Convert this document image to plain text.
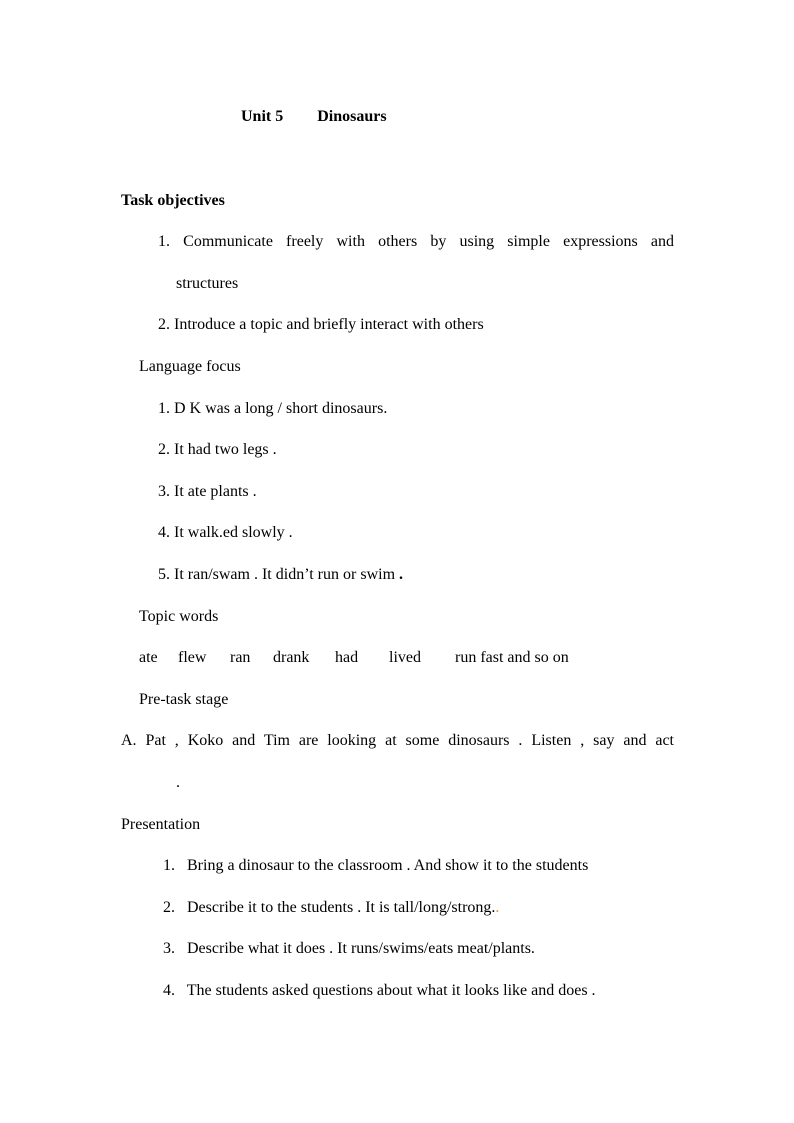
Unit 5 Dinosaurs
Task objectives
1. Communicate freely with others by using simple expressions and
structures
2. Introduce a topic and briefly interact with others
Language focus
1. D K was a long / short dinosaurs.
2. It had two legs .
3. It ate plants .
4. It walk.ed slowly .
5. It ran/swam . It didn’t run or swim .
Topic words
ate flew ran drank had lived run fast and so on
Pre-task stage
A. Pat , Koko and Tim are looking at some dinosaurs . Listen , say and act
.
Presentation
1. Bring a dinosaur to the classroom . And show it to the students
2. Describe it to the students . It is tall/long/strong..
3. Describe what it does . It runs/swims/eats meat/plants.
4. The students asked questions about what it looks like and does .
